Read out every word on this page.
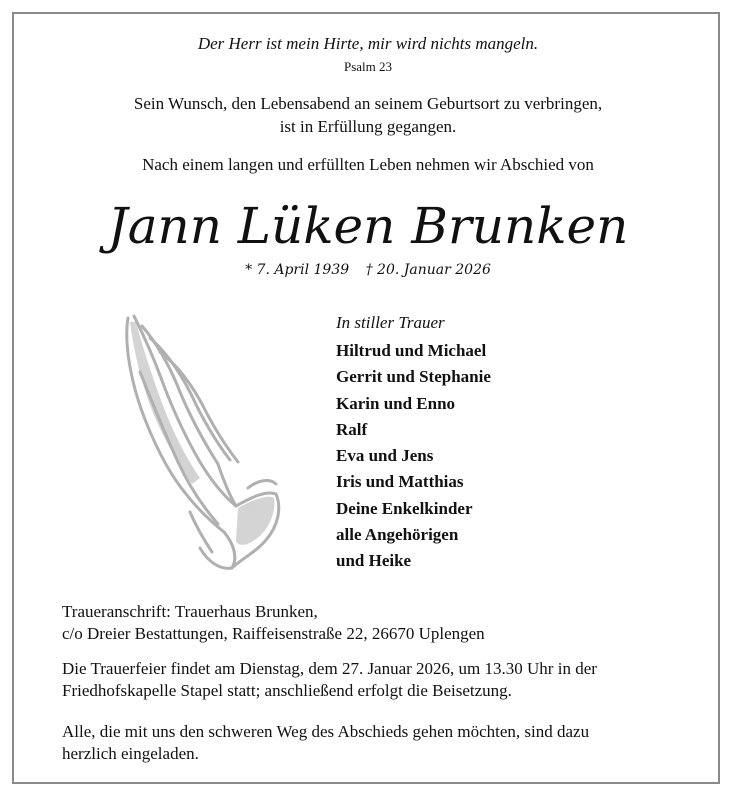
Der Herr ist mein Hirte, mir wird nichts mangeln.
Psalm 23
Sein Wunsch, den Lebensabend an seinem Geburtsort zu verbringen,
ist in Erfüllung gegangen.
Nach einem langen und erfüllten Leben nehmen wir Abschied von
Jann Lüken Brunken
* 7. April 1939 † 20. Januar 2026
In stiller Trauer
Hiltrud und Michael
Gerrit und Stephanie
Karin und Enno
Ralf
Eva und Jens
Iris und Matthias
Deine Enkelkinder
alle Angehörigen
und Heike
Traueranschrift: Trauerhaus Brunken,
c/o Dreier Bestattungen, Raiffeisenstraße 22, 26670 Uplengen
Die Trauerfeier findet am Dienstag, dem 27. Januar 2026, um 13.30 Uhr in der
Friedhofskapelle Stapel statt; anschließend erfolgt die Beisetzung.
Alle, die mit uns den schweren Weg des Abschieds gehen möchten, sind dazu
herzlich eingeladen.
